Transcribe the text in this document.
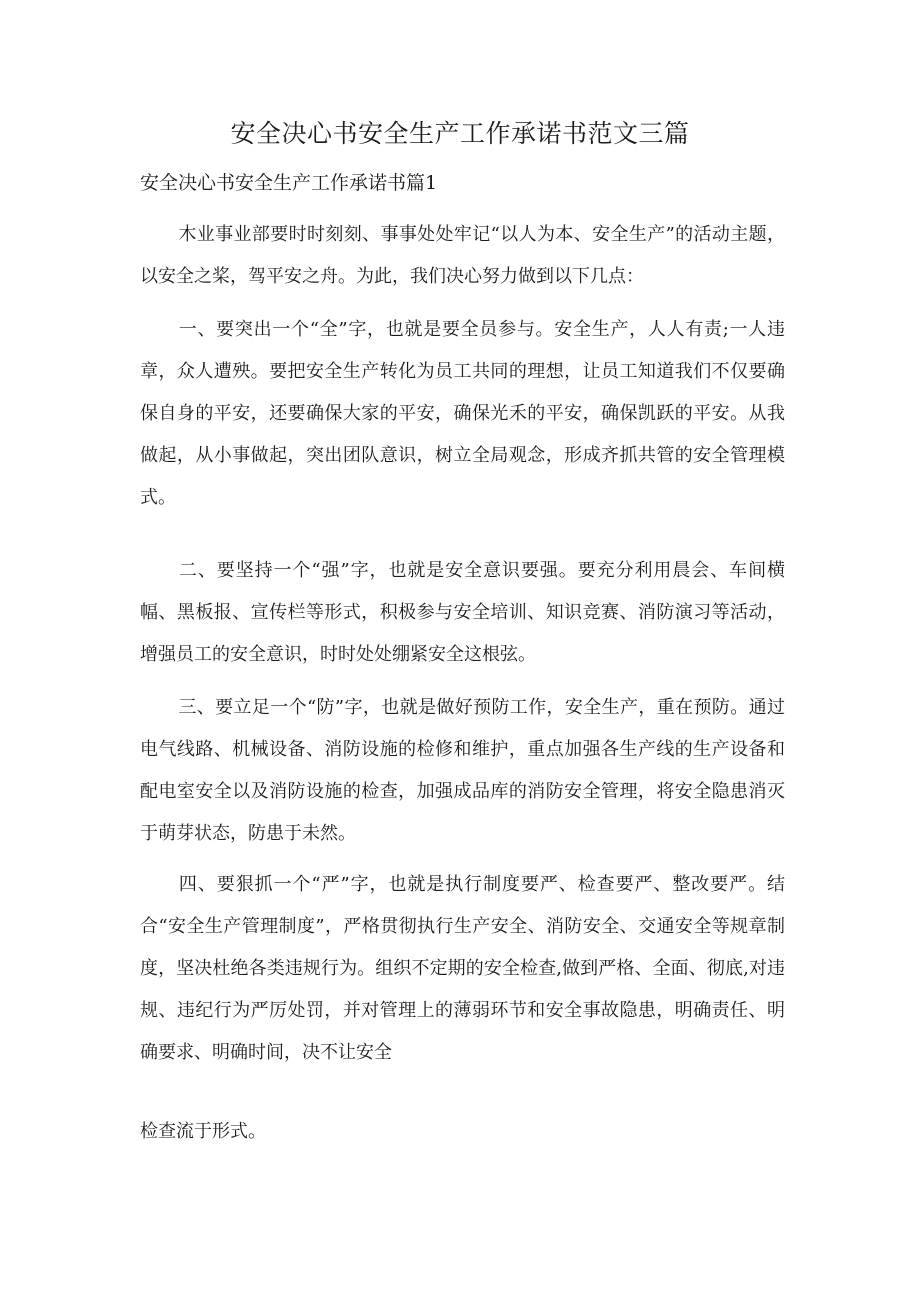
安全决心书安全生产工作承诺书范文三篇
安全决心书安全生产工作承诺书篇1

木业事业部要时时刻刻、事事处处牢记“以人为本、安全生产”的活动主题，以安全之桨，驾平安之舟。为此，我们决心努力做到以下几点：

一、要突出一个“全”字，也就是要全员参与。安全生产，人人有责;一人违章，众人遭殃。要把安全生产转化为员工共同的理想，让员工知道我们不仅要确保自身的平安，还要确保大家的平安，确保光禾的平安，确保凯跃的平安。从我做起，从小事做起，突出团队意识，树立全局观念，形成齐抓共管的安全管理模式。

二、要坚持一个“强”字，也就是安全意识要强。要充分利用晨会、车间横幅、黑板报、宣传栏等形式，积极参与安全培训、知识竞赛、消防演习等活动，增强员工的安全意识，时时处处绷紧安全这根弦。

三、要立足一个“防”字，也就是做好预防工作，安全生产，重在预防。通过电气线路、机械设备、消防设施的检修和维护，重点加强各生产线的生产设备和配电室安全以及消防设施的检查，加强成品库的消防安全管理，将安全隐患消灭于萌芽状态，防患于未然。

四、要狠抓一个“严”字，也就是执行制度要严、检查要严、整改要严。结合“安全生产管理制度”，严格贯彻执行生产安全、消防安全、交通安全等规章制度，坚决杜绝各类违规行为。组织不定期的安全检查,做到严格、全面、彻底,对违规、违纪行为严厉处罚，并对管理上的薄弱环节和安全事故隐患，明确责任、明确要求、明确时间，决不让安全

检查流于形式。
